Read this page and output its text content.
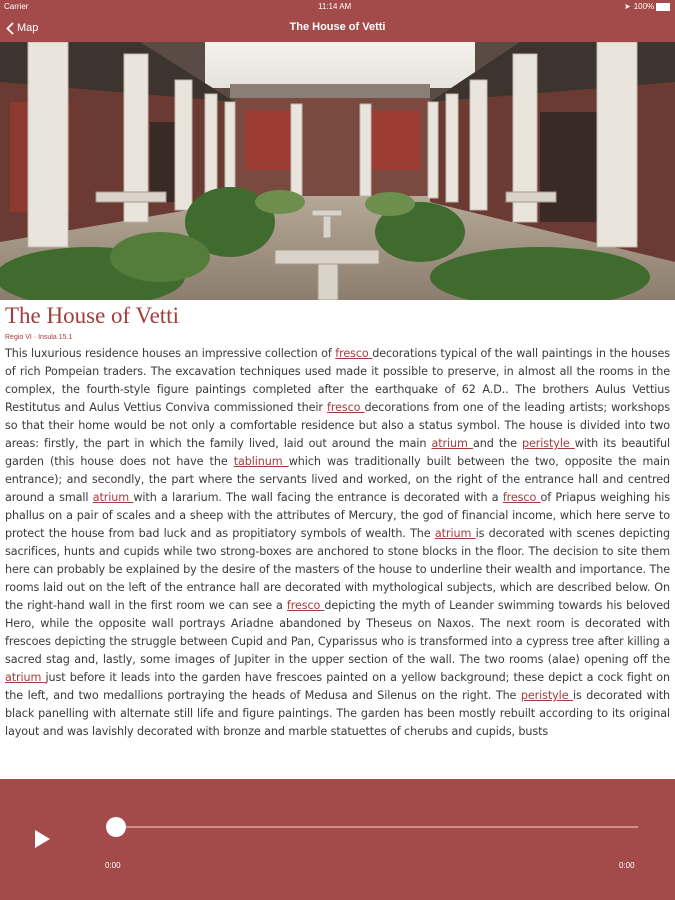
Carrier	11:14 AM	➤ 100%
Map	The House of Vetti
The House of Vetti
Regio VI · Insula 15.1
This luxurious residence houses an impressive collection of fresco decorations typical of the wall paintings in the houses of rich Pompeian traders. The excavation techniques used made it possible to preserve, in almost all the rooms in the complex, the fourth-style figure paintings completed after the earthquake of 62 A.D.. The brothers Aulus Vettius Restitutus and Aulus Vettius Conviva commissioned their fresco decorations from one of the leading artists; workshops so that their home would be not only a comfortable residence but also a status symbol. The house is divided into two areas: firstly, the part in which the family lived, laid out around the main atrium and the peristyle with its beautiful garden (this house does not have the tablinum which was traditionally built between the two, opposite the main entrance); and secondly, the part where the servants lived and worked, on the right of the entrance hall and centred around a small atrium with a lararium. The wall facing the entrance is decorated with a fresco of Priapus weighing his phallus on a pair of scales and a sheep with the attributes of Mercury, the god of financial income, which here serve to protect the house from bad luck and as propitiatory symbols of wealth. The atrium is decorated with scenes depicting sacrifices, hunts and cupids while two strong-boxes are anchored to stone blocks in the floor. The decision to site them here can probably be explained by the desire of the masters of the house to underline their wealth and importance. The rooms laid out on the left of the entrance hall are decorated with mythological subjects, which are described below. On the right-hand wall in the first room we can see a fresco depicting the myth of Leander swimming towards his beloved Hero, while the opposite wall portrays Ariadne abandoned by Theseus on Naxos. The next room is decorated with frescoes depicting the struggle between Cupid and Pan, Cyparissus who is transformed into a cypress tree after killing a sacred stag and, lastly, some images of Jupiter in the upper section of the wall. The two rooms (alae) opening off the atrium just before it leads into the garden have frescoes painted on a yellow background; these depict a cock fight on the left, and two medallions portraying the heads of Medusa and Silenus on the right. The peristyle is decorated with black panelling with alternate still life and figure paintings. The garden has been mostly rebuilt according to its original layout and was lavishly decorated with bronze and marble statuettes of cherubs and cupids, busts
0:00	0:00
